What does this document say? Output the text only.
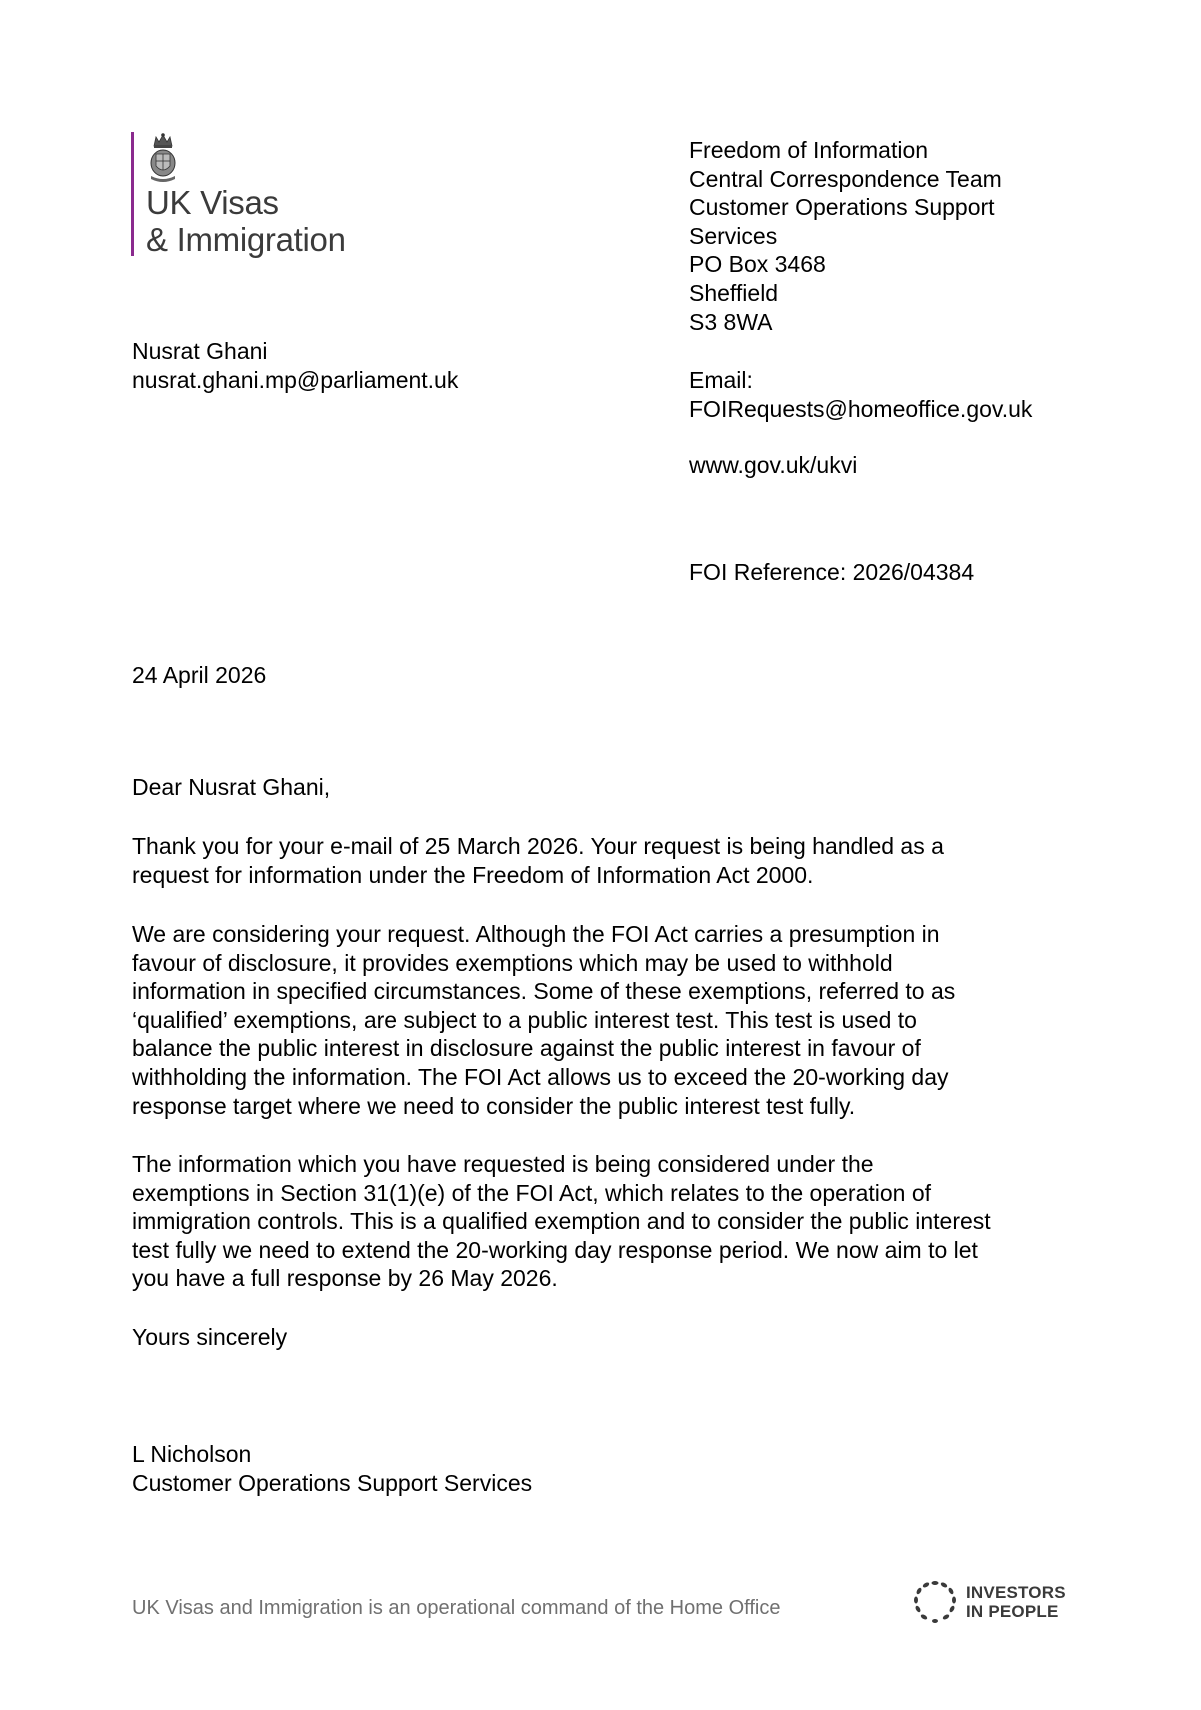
UK Visas
& Immigration
Freedom of Information
Central Correspondence Team
Customer Operations Support
Services
PO Box 3468
Sheffield
S3 8WA
Email:
FOIRequests@homeoffice.gov.uk
www.gov.uk/ukvi
FOI Reference: 2026/04384
Nusrat Ghani
nusrat.ghani.mp@parliament.uk
24 April 2026
Dear Nusrat Ghani,
Thank you for your e-mail of 25 March 2026. Your request is being handled as a
request for information under the Freedom of Information Act 2000.
We are considering your request. Although the FOI Act carries a presumption in
favour of disclosure, it provides exemptions which may be used to withhold
information in specified circumstances. Some of these exemptions, referred to as
‘qualified’ exemptions, are subject to a public interest test. This test is used to
balance the public interest in disclosure against the public interest in favour of
withholding the information. The FOI Act allows us to exceed the 20-working day
response target where we need to consider the public interest test fully.
The information which you have requested is being considered under the
exemptions in Section 31(1)(e) of the FOI Act, which relates to the operation of
immigration controls. This is a qualified exemption and to consider the public interest
test fully we need to extend the 20-working day response period. We now aim to let
you have a full response by 26 May 2026.
Yours sincerely
L Nicholson
Customer Operations Support Services
UK Visas and Immigration is an operational command of the Home Office
INVESTORS
IN PEOPLE
